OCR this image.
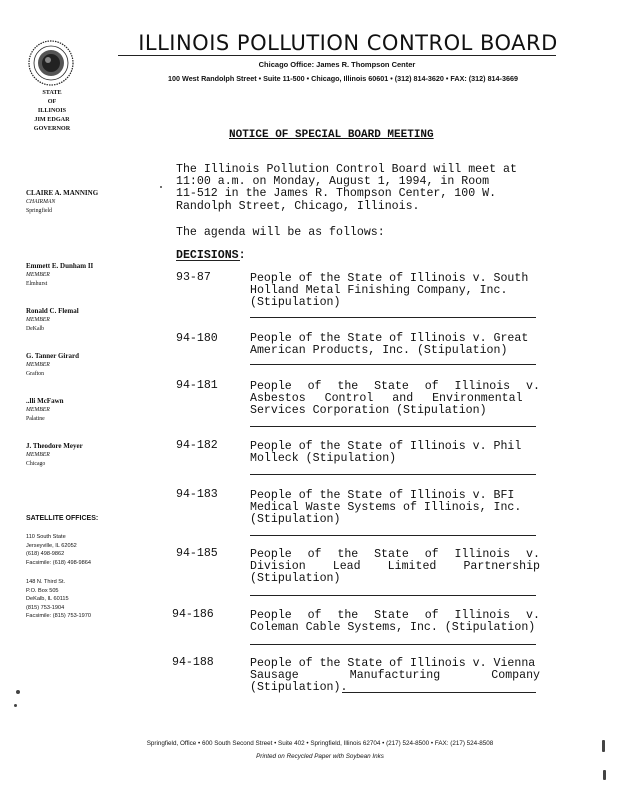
ILLINOIS POLLUTION CONTROL BOARD
Chicago Office: James R. Thompson Center
100 West Randolph Street • Suite 11-500 • Chicago, Illinois 60601 • (312) 814-3620 • FAX: (312) 814-3669
STATE
OF
ILLINOIS
JIM EDGAR
GOVERNOR
CLAIRE A. MANNING
CHAIRMAN
Springfield
Emmett E. Dunham II
MEMBER
Elmhurst
Ronald C. Flemal
MEMBER
DeKalb
G. Tanner Girard
MEMBER
Grafton
..lli McFawn
MEMBER
Palatine
J. Theodore Meyer
MEMBER
Chicago
SATELLITE OFFICES:
110 South State
Jerseyville, IL 62052
(618) 498-9862
Facsimile: (618) 498-9864
148 N. Third St.
P.O. Box 505
DeKalb, IL 60115
(815) 753-1904
Facsimile: (815) 753-1970
NOTICE OF SPECIAL BOARD MEETING
The Illinois Pollution Control Board will meet at
11:00 a.m. on Monday, August 1, 1994, in Room
11-512 in the James R. Thompson Center, 100 W.
Randolph Street, Chicago, Illinois.
The agenda will be as follows:
DECISIONS:
93-87	People of the State of Illinois v. South
Holland Metal Finishing Company, Inc.
(Stipulation)
94-180	People of the State of Illinois v. Great
American Products, Inc. (Stipulation)
94-181	People of the State of Illinois v.
Asbestos Control and Environmental
Services Corporation (Stipulation)
94-182	People of the State of Illinois v. Phil
Molleck (Stipulation)
94-183	People of the State of Illinois v. BFI
Medical Waste Systems of Illinois, Inc.
(Stipulation)
94-185	People of the State of Illinois v.
Division Lead Limited Partnership
(Stipulation)
94-186	People of the State of Illinois v.
Coleman Cable Systems, Inc. (Stipulation)
94-188	People of the State of Illinois v. Vienna
Sausage	Manufacturing	Company
(Stipulation).
Springfield, Office • 600 South Second Street • Suite 402 • Springfield, Illinois 62704 • (217) 524-8500 • FAX: (217) 524-8508
Printed on Recycled Paper with Soybean Inks
